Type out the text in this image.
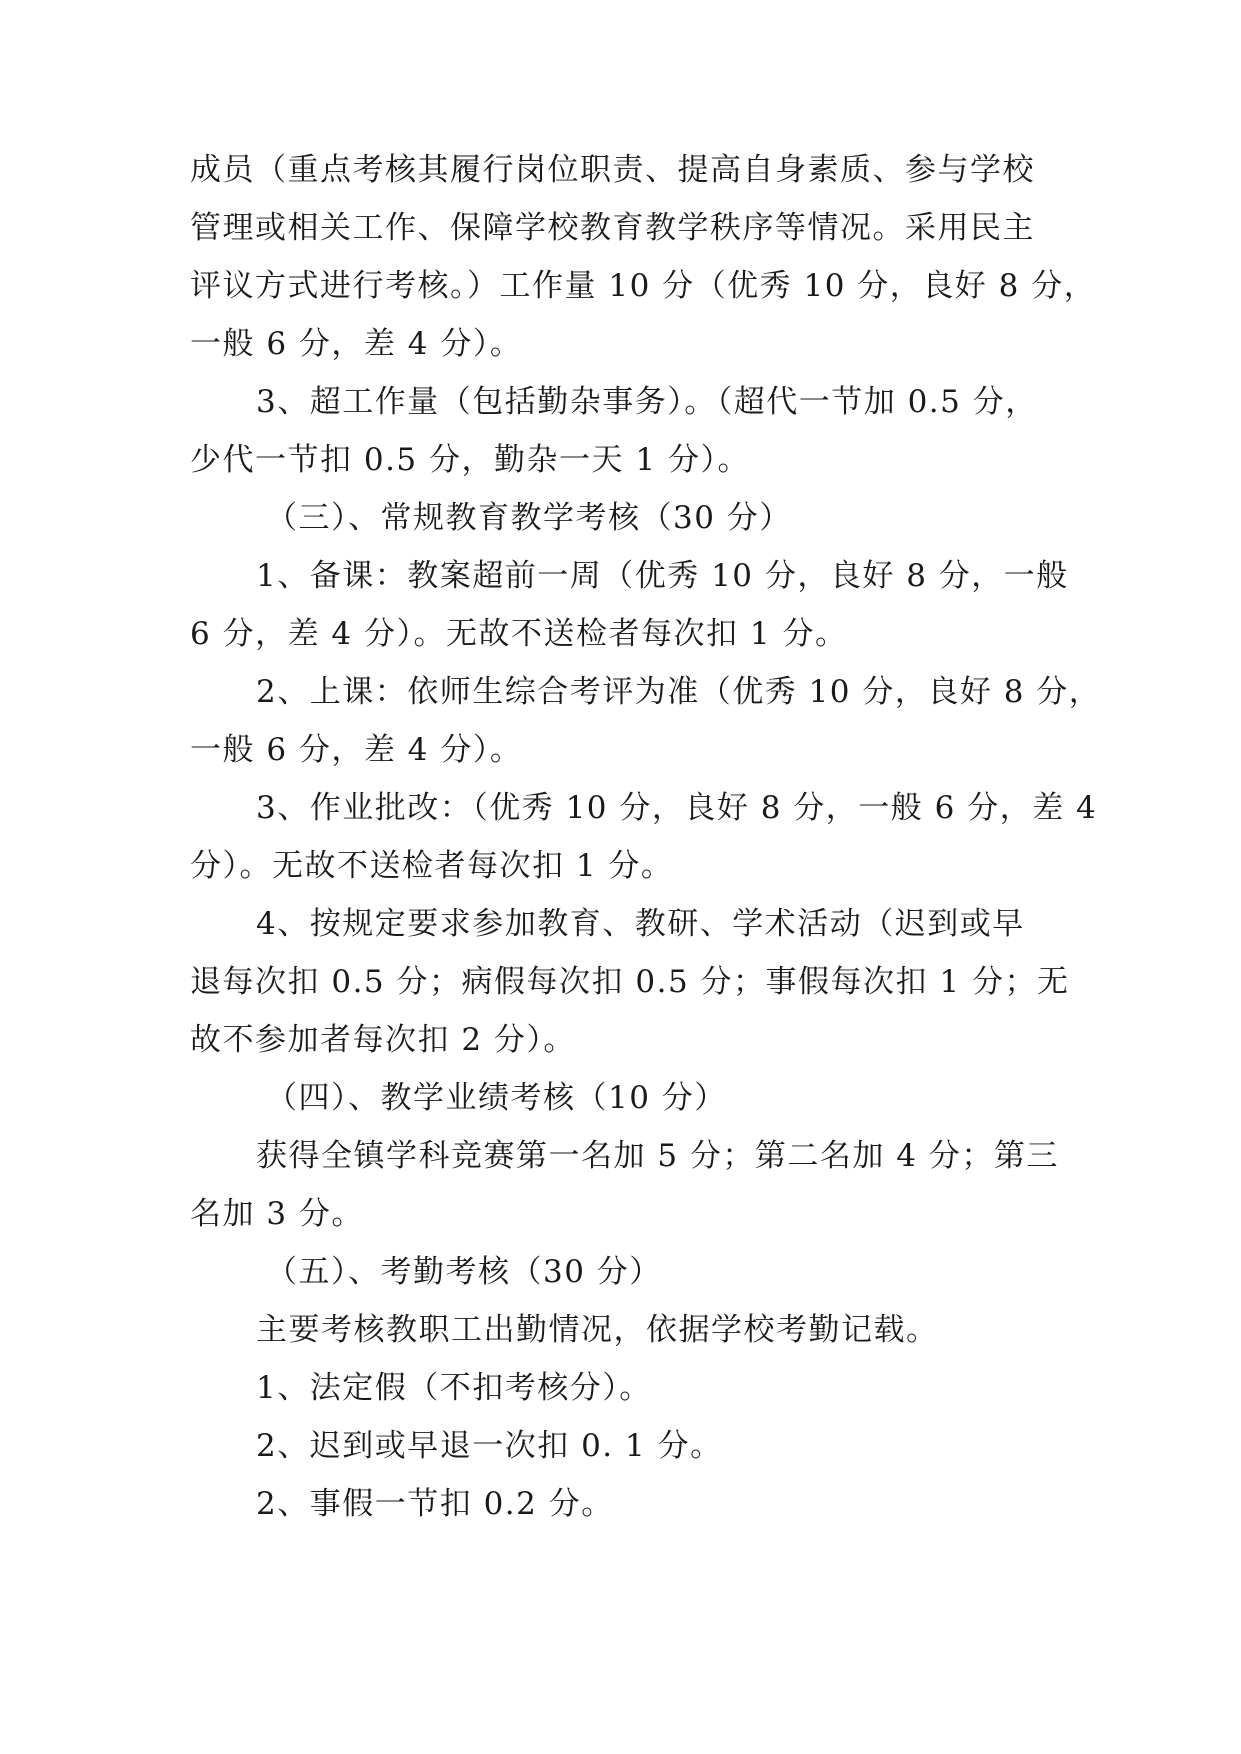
成员（重点考核其履行岗位职责、提高自身素质、参与学校
管理或相关工作、保障学校教育教学秩序等情况。采用民主
评议方式进行考核。）工作量 10 分（优秀 10 分，良好 8 分，
一般 6 分，差 4 分）。
3、超工作量（包括勤杂事务）。（超代一节加 0.5 分，
少代一节扣 0.5 分，勤杂一天 1 分）。
（三）、常规教育教学考核（30 分）
1、备课：教案超前一周（优秀 10 分，良好 8 分，一般
6 分，差 4 分）。无故不送检者每次扣 1 分。
2、上课：依师生综合考评为准（优秀 10 分，良好 8 分，
一般 6 分，差 4 分）。
3、作业批改：（优秀 10 分，良好 8 分，一般 6 分，差 4
分）。无故不送检者每次扣 1 分。
4、按规定要求参加教育、教研、学术活动（迟到或早
退每次扣 0.5 分；病假每次扣 0.5 分；事假每次扣 1 分；无
故不参加者每次扣 2 分）。
（四）、教学业绩考核（10 分）
获得全镇学科竞赛第一名加 5 分；第二名加 4 分；第三
名加 3 分。
（五）、考勤考核（30 分）
主要考核教职工出勤情况，依据学校考勤记载。
1、法定假（不扣考核分）。
2、迟到或早退一次扣 0. 1 分。
2、事假一节扣 0.2 分。
